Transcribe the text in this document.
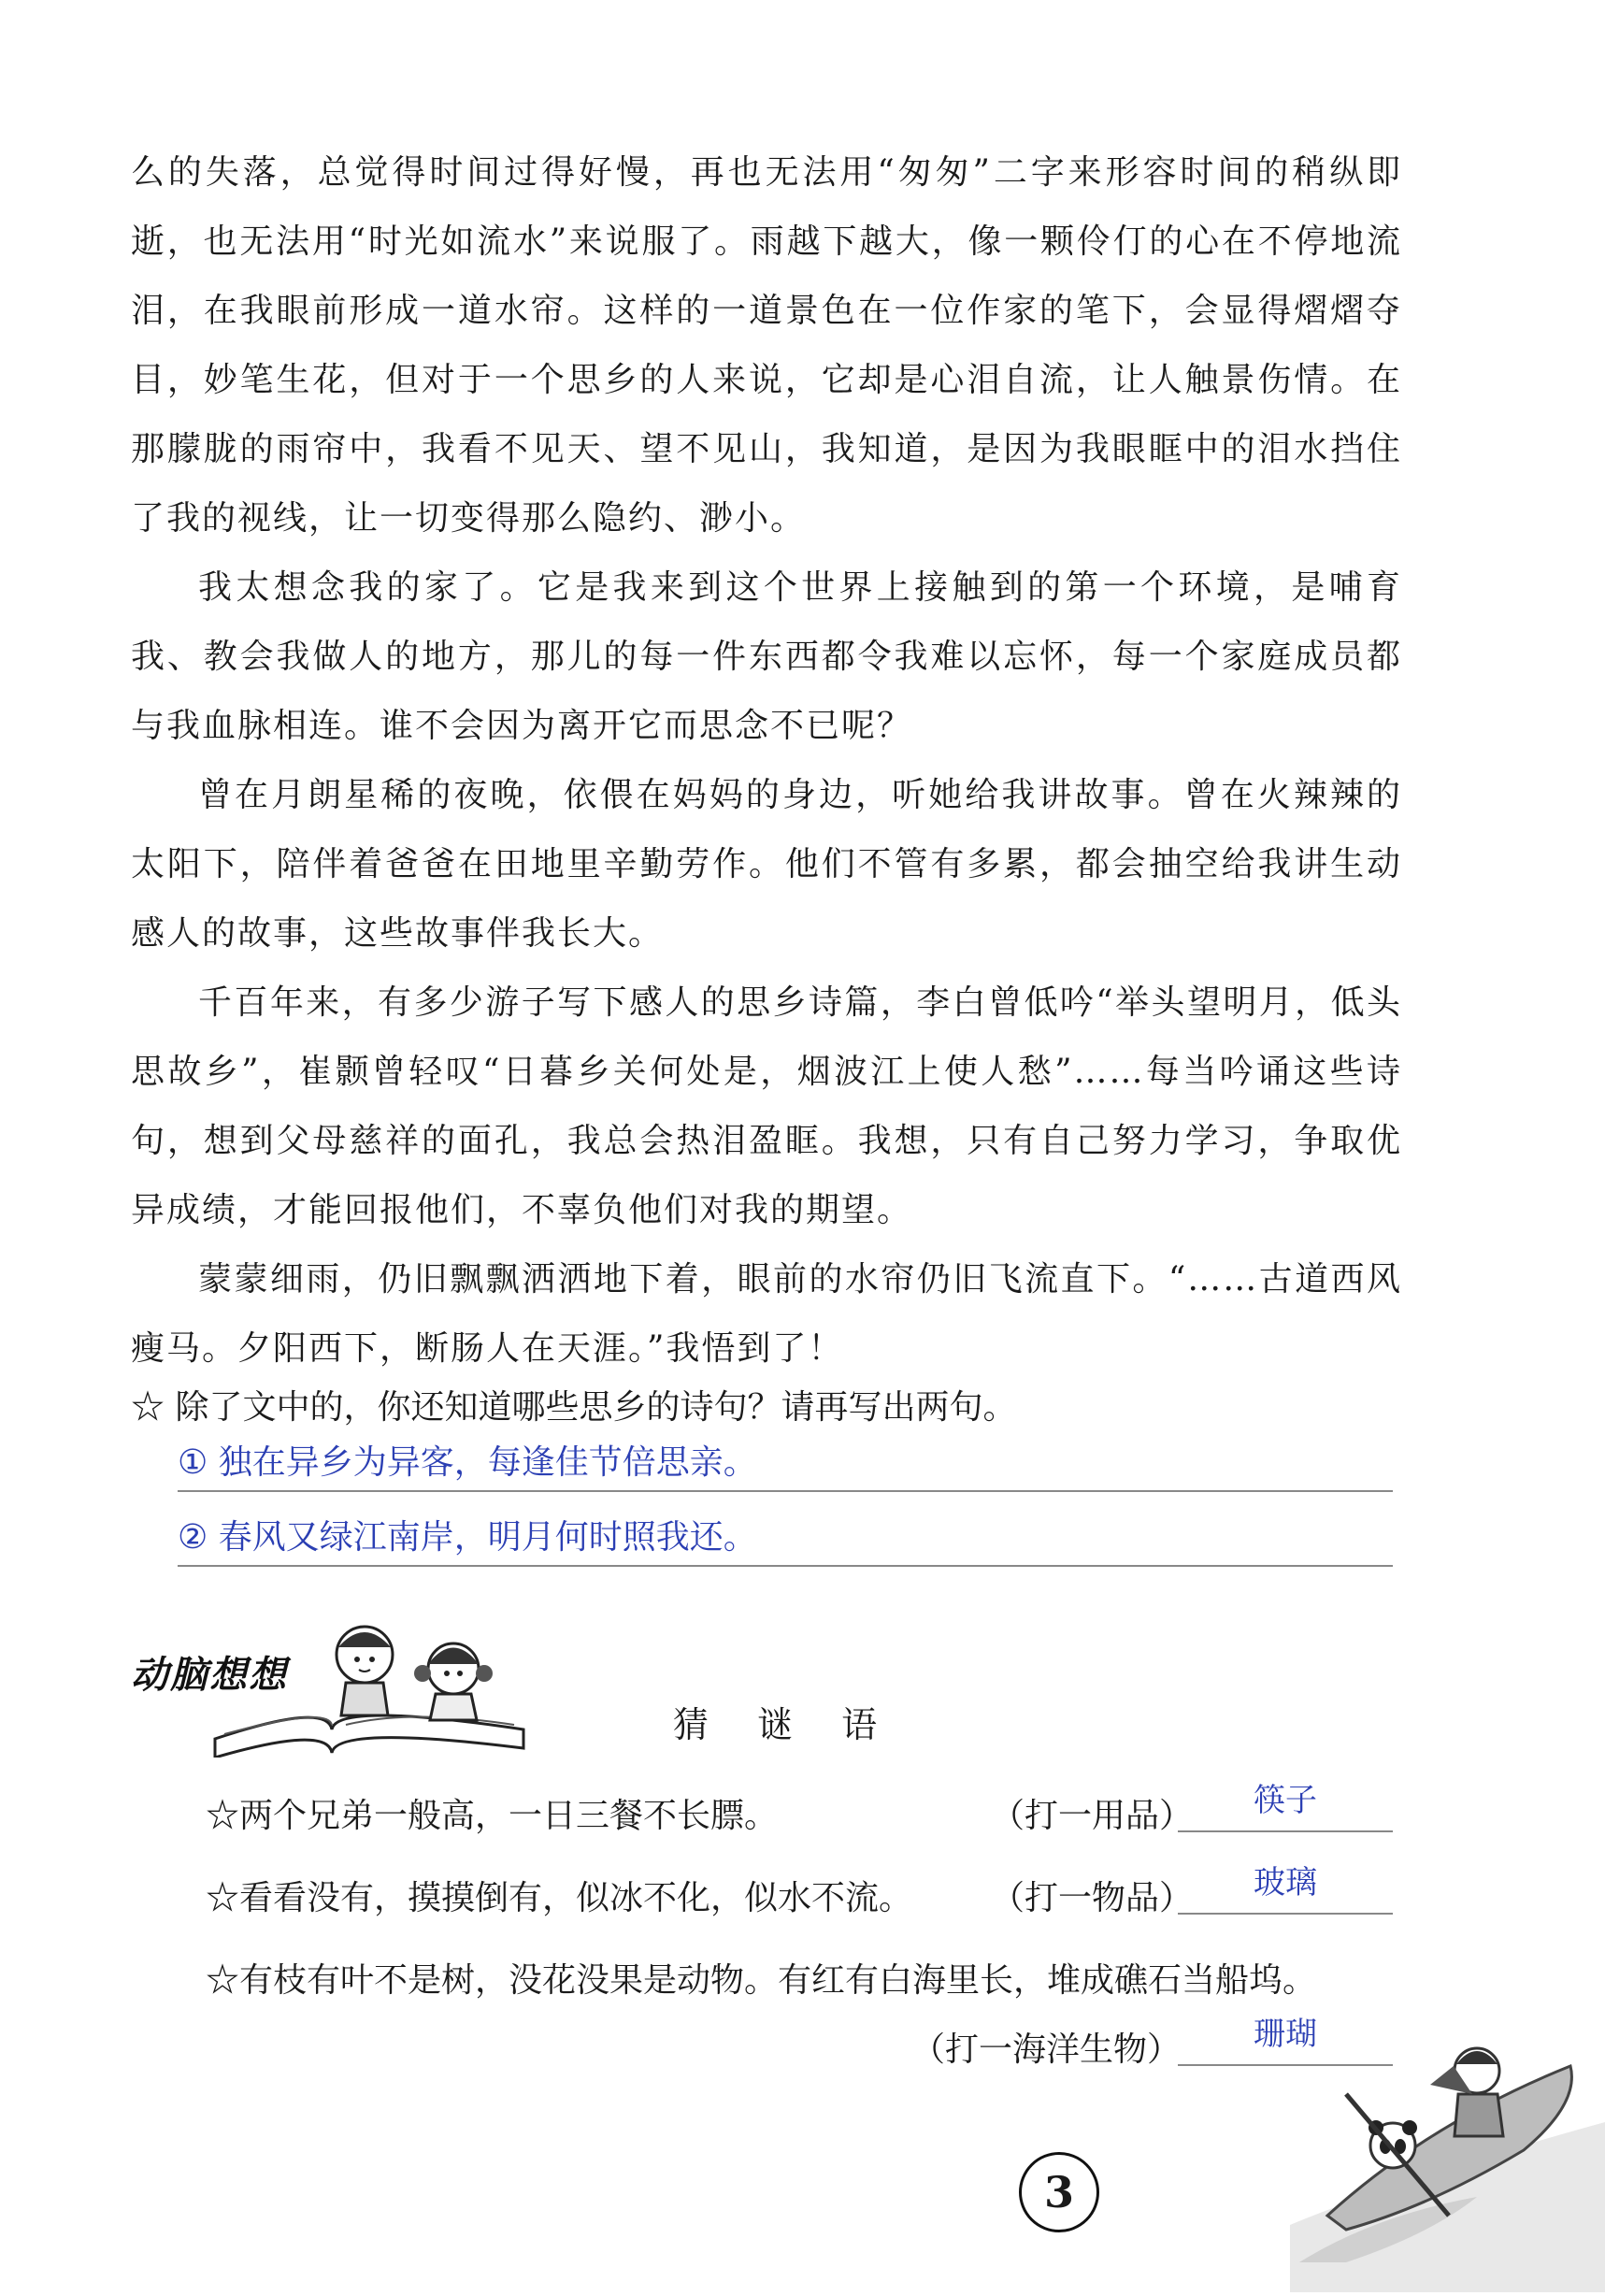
么的失落，总觉得时间过得好慢，再也无法用“匆匆”二字来形容时间的稍纵即逝，也无法用“时光如流水”来说服了。雨越下越大，像一颗伶仃的心在不停地流泪，在我眼前形成一道水帘。这样的一道景色在一位作家的笔下，会显得熠熠夺目，妙笔生花，但对于一个思乡的人来说，它却是心泪自流，让人触景伤情。在那朦胧的雨帘中，我看不见天、望不见山，我知道，是因为我眼眶中的泪水挡住了我的视线，让一切变得那么隐约、渺小。

我太想念我的家了。它是我来到这个世界上接触到的第一个环境，是哺育我、教会我做人的地方，那儿的每一件东西都令我难以忘怀，每一个家庭成员都与我血脉相连。谁不会因为离开它而思念不已呢？

曾在月朗星稀的夜晚，依偎在妈妈的身边，听她给我讲故事。曾在火辣辣的太阳下，陪伴着爸爸在田地里辛勤劳作。他们不管有多累，都会抽空给我讲生动感人的故事，这些故事伴我长大。

千百年来，有多少游子写下感人的思乡诗篇，李白曾低吟“举头望明月，低头思故乡”，崔颢曾轻叹“日暮乡关何处是，烟波江上使人愁”……每当吟诵这些诗句，想到父母慈祥的面孔，我总会热泪盈眶。我想，只有自己努力学习，争取优异成绩，才能回报他们，不辜负他们对我的期望。

蒙蒙细雨，仍旧飘飘洒洒地下着，眼前的水帘仍旧飞流直下。“……古道西风瘦马。夕阳西下，断肠人在天涯。”我悟到了！

☆ 除了文中的，你还知道哪些思乡的诗句？请再写出两句。
① 独在异乡为异客，每逢佳节倍思亲。
② 春风又绿江南岸，明月何时照我还。
动脑想想
猜 谜 语
☆两个兄弟一般高，一日三餐不长膘。	（打一用品）	筷子
☆看看没有，摸摸倒有，似冰不化，似水不流。 （打一物品）	玻璃
☆有枝有叶不是树，没花没果是动物。有红有白海里长，堆成礁石当船坞。
（打一海洋生物）	珊瑚
3
